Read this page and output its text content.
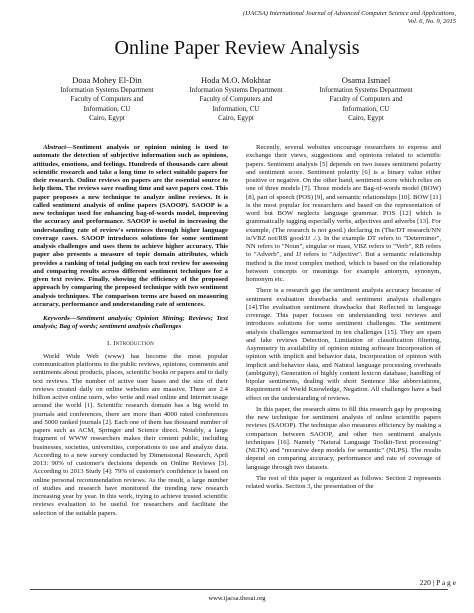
(IJACSA) International Journal of Advanced Computer Science and Applications,
Vol. 6, No. 9, 2015
Online Paper Review Analysis
Doaa Mohey El-Din
Information Systems Department
Faculty of Computers and
Information, CU
Cairo, Egypt
Hoda M.O. Mokhtar
Information Systems Department
Faculty of Computers and
Information, CU
Cairo, Egypt
Osama Ismael
Information Systems Department
Faculty of Computers and
Information, CU
Cairo, Egypt

Abstract—Sentiment analysis or opinion mining is used to automate the detection of subjective information such as opinions, attitudes, emotions, and feelings. Hundreds of thousands care about scientific research and take a long time to select suitable papers for their research. Online reviews on papers are the essential source to help them. The reviews save reading time and save papers cost. This paper proposes a new technique to analyze online reviews. It is called sentiment analysis of online papers (SAOOP). SAOOP is a new technique used for enhancing bag-of-words model, improving the accuracy and performance. SAOOP is useful in increasing the understanding rate of review's sentences through higher language coverage cases. SAOOP introduces solutions for some sentiment analysis challenges and uses them to achieve higher accuracy. This paper also presents a measure of topic domain attributes, which provides a ranking of total judging on each text review for assessing and comparing results across different sentiment techniques for a given text review. Finally, showing the efficiency of the proposed approach by comparing the proposed technique with two sentiment analysis techniques. The comparison terms are based on measuring accuracy, performance and understanding rate of sentences.

Keywords—Sentiment analysis; Opinion Mining; Reviews; Text analysis; Bag of words; sentiment analysis challenges

I. Introduction

World Wide Web (www) has become the most popular communication platforms to the public reviews, opinions, comments and sentiments about products, places, scientific books or papers and to daily text reviews. The number of active user bases and the size of their reviews created daily on online websites are massive. There are 2.4 billion active online users, who write and read online and Internet usage around the world [1]. Scientific research domain has a big world in journals and conferences, there are more than 4000 rated conferences and 5000 ranked journals [2]. Each one of them has thousand number of papers such as ACM, Springer and Science direct. Notably, a large fragment of WWW researchers makes their content public, including businesses, societies, universities, corporations to use and analyze data. According to a new survey conducted by Dimensional Research, April 2013: 90% of customer's decisions depends on Online Reviews [3]. According to 2013 Study [4]: 79% of customer's confidence is based on online personal recommendation reviews. As the result, a large number of studies and research have monitored the trending new research increasing year by year. In this work, trying to achieve trusted scientific reviews evaluation to be useful for researchers and facilitate the selection of the suitable papers.

Recently, several websites encourage researchers to express and exchange their views, suggestions and opinions related to scientific papers. Sentiment analysis [5] depends on two issues sentiment polarity and sentiment score. Sentiment polarity [6] is a binary value either positive or negative. On the other hand, sentiment score which relies on one of three models [7]. Those models are Bag-of-words model (BOW) [8], part of speech (POS) [9], and semantic relationships [10]. BOW [11] is the most popular for researchers and based on the representation of word but BOW neglects language grammar. POS [12] which is grammatically tagging especially verbs, adjectives and adverbs [13]. For example, (The research is not good.) declaring in (The/DT research/NN is/VBZ not/RB good/JJ ./.). In the example DT refers to "Determiner", NN refers to "Noun", singular or mass, VBZ refers to "Verb", RB refers to "Adverb", and JJ refers to "Adjective". But a semantic relationship method is the most complex method, which is based on the relationship between concepts or meanings for example antonym, synonym, homonym etc.

There is a research gap the sentiment analysis accuracy because of sentiment evaluation drawbacks and sentiment analysis challenges [14].The evaluation sentiment drawbacks that Reflected in language coverage. This paper focuses on understanding text reviews and introduces solutions for some sentiment challenges. The sentiment analysis challenges summarized in ten challenges [15]. They are spam and fake reviews Detection, Limitation of classification filtering, Asymmetry in availability of opinion mining software Incorporation of opinion with implicit and behavior data, Incorporation of opinion with implicit and behavior data, and Natural language processing overheads (ambiguity), Generation of highly content lexicon database, handling of bipolar sentiments, dealing with short Sentence like abbreviations, Requirement of World Knowledge, Negation. All challenges have a bad effect on the understanding of reviews.

In this paper, the research aims to fill this research gap by proposing the new technique for sentiment analysis of online scientific papers reviews (SAOOP). The technique also measures efficiency by making a comparison between SAOOP, and other two sentiment analysis techniques [16]. Namely "Natural Language Toolkit-Text processing" (NLTK) and "recursive deep models for semantic" (NLPS). The results depend on comparing accuracy, performance and rate of coverage of language through two datasets.

The rest of this paper is organized as follows: Section 2 represents related works. Section 3, the presentation of the

220 | P a g e
www.ijacsa.thesai.org
